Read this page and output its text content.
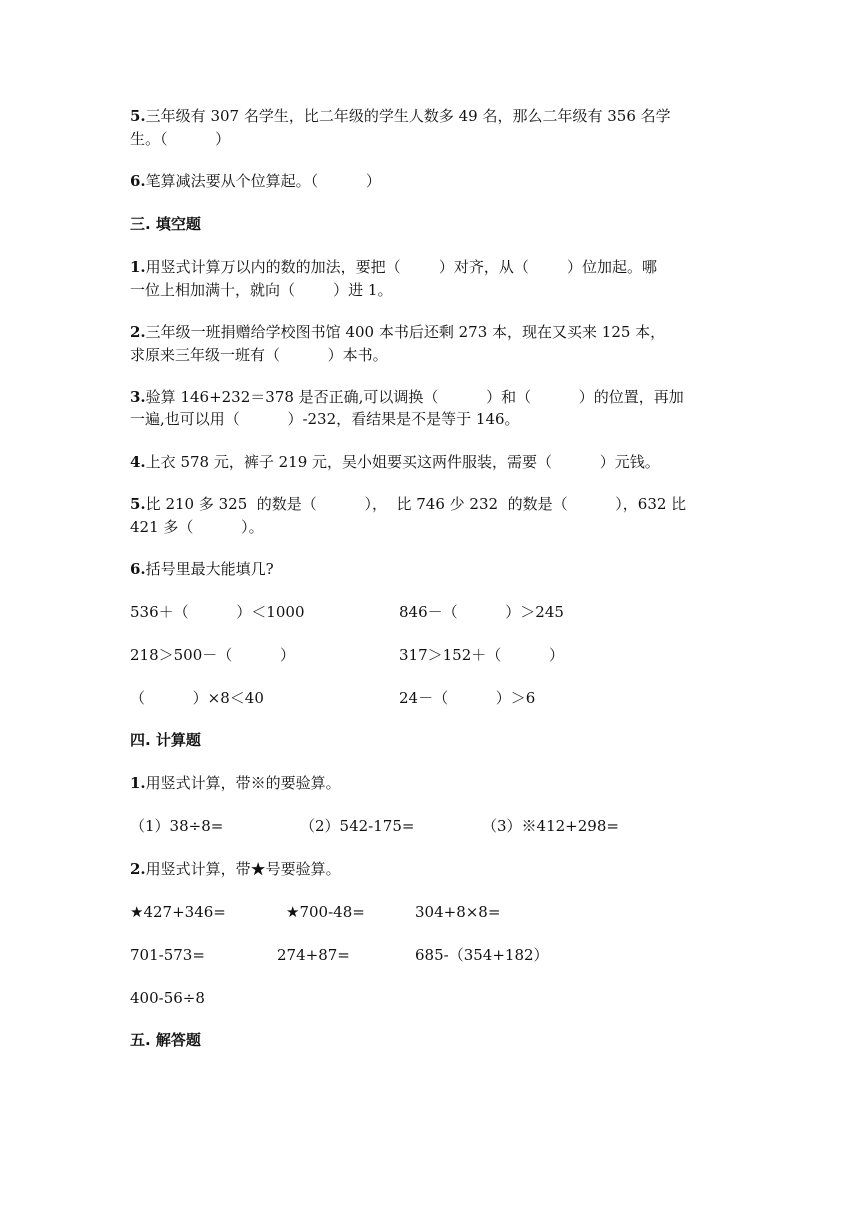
5.三年级有 307 名学生，比二年级的学生人数多 49 名，那么二年级有 356 名学
生。（          ）
6.笔算减法要从个位算起。（          ）
三. 填空题
1.用竖式计算万以内的数的加法，要把（        ）对齐，从（        ）位加起。哪
一位上相加满十，就向（        ）进 1。
2.三年级一班捐赠给学校图书馆 400 本书后还剩 273 本，现在又买来 125 本，
求原来三年级一班有（          ）本书。
3.验算 146+232＝378 是否正确,可以调换（          ）和（          ）的位置，再加
一遍,也可以用（          ）-232，看结果是不是等于 146。
4.上衣 578 元，裤子 219 元，吴小姐要买这两件服装，需要（          ）元钱。
5.比 210 多 325  的数是（          ），  比 746 少 232  的数是（          ），632 比
421 多（          ）。
6.括号里最大能填几?
536＋（          ）＜1000	846－（          ）＞245
218＞500－（          ）	317＞152＋（          ）
（          ）×8＜40	24－（          ）＞6
四. 计算题
1.用竖式计算，带※的要验算。
（1）38÷8=	（2）542-175=	（3）※412+298=
2.用竖式计算，带★号要验算。
★427+346=	★700-48=	304+8×8=
701-573=	274+87=	685-（354+182）
400-56÷8
五. 解答题
